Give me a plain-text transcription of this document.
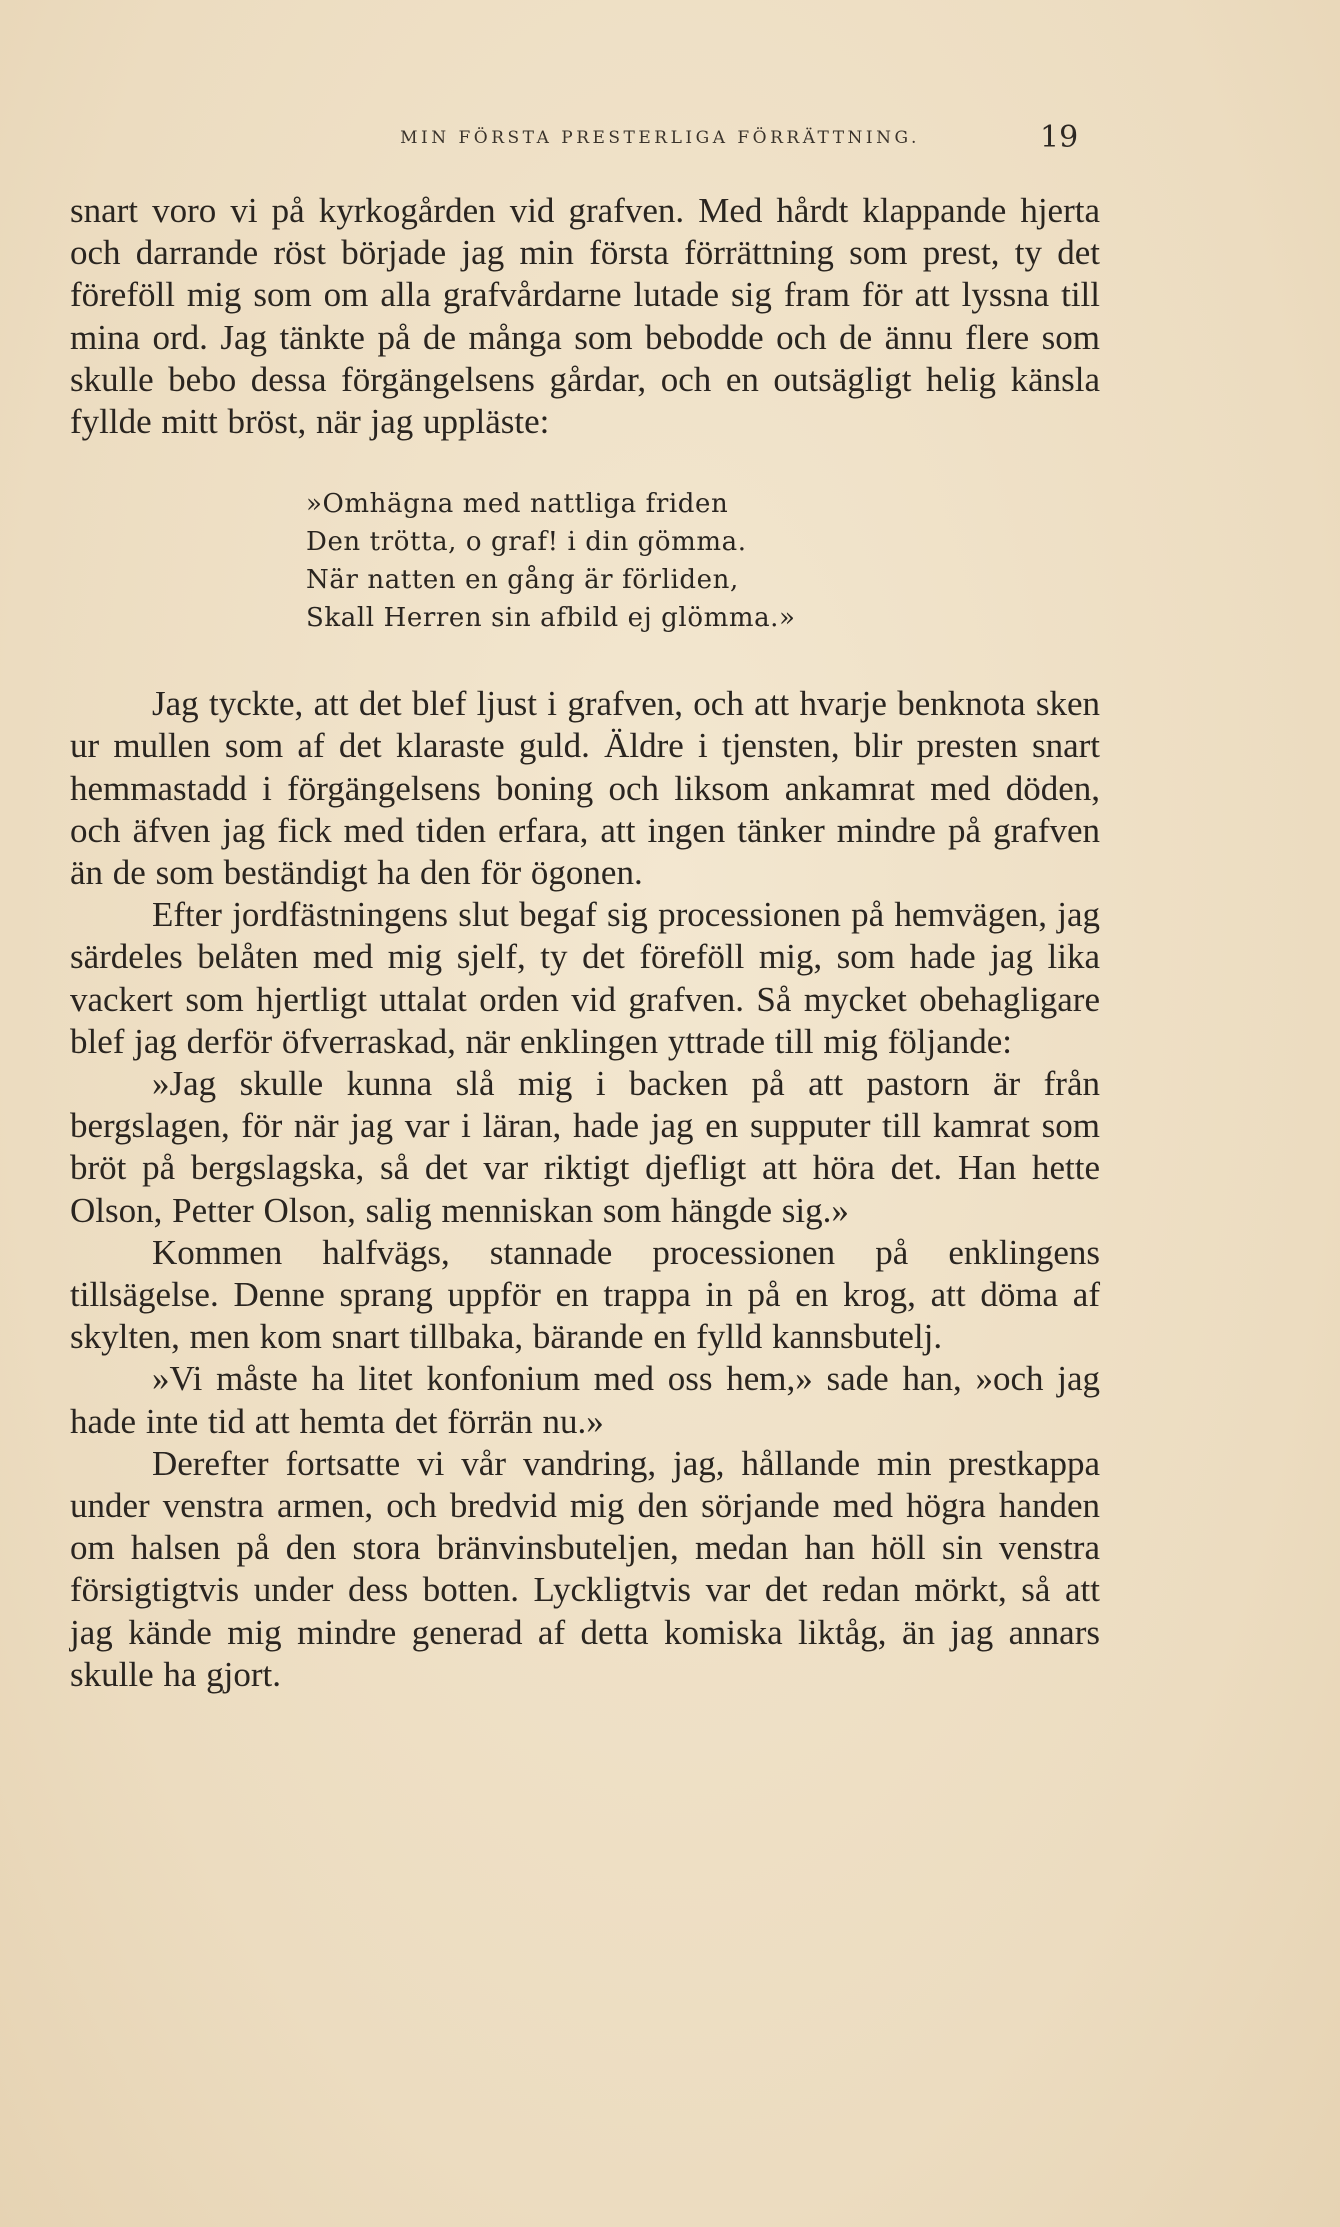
MIN FÖRSTA PRESTERLIGA FÖRRÄTTNING.	19

snart voro vi på kyrkogården vid grafven. Med hårdt klappande hjerta och darrande röst började jag min första förrättning som prest, ty det föreföll mig som om alla grafvårdarne lutade sig fram för att lyssna till mina ord. Jag tänkte på de många som bebodde och de ännu flere som skulle bebo dessa förgängelsens gårdar, och en outsägligt helig känsla fyllde mitt bröst, när jag uppläste:

»Omhägna med nattliga friden
Den trötta, o graf! i din gömma.
När natten en gång är förliden,
Skall Herren sin afbild ej glömma.»

Jag tyckte, att det blef ljust i grafven, och att hvarje benknota sken ur mullen som af det klaraste guld. Äldre i tjensten, blir presten snart hemmastadd i förgängelsens boning och liksom ankamrat med döden, och äfven jag fick med tiden erfara, att ingen tänker mindre på grafven än de som beständigt ha den för ögonen.

Efter jordfästningens slut begaf sig processionen på hemvägen, jag särdeles belåten med mig sjelf, ty det föreföll mig, som hade jag lika vackert som hjertligt uttalat orden vid grafven. Så mycket obehagligare blef jag derför öfverraskad, när enklingen yttrade till mig följande:

»Jag skulle kunna slå mig i backen på att pastorn är från bergslagen, för när jag var i läran, hade jag en supputer till kamrat som bröt på bergslagska, så det var riktigt djefligt att höra det. Han hette Olson, Petter Olson, salig menniskan som hängde sig.»

Kommen halfvägs, stannade processionen på enklingens tillsägelse. Denne sprang uppför en trappa in på en krog, att döma af skylten, men kom snart tillbaka, bärande en fylld kannsbutelj.

»Vi måste ha litet konfonium med oss hem,» sade han, »och jag hade inte tid att hemta det förrän nu.»

Derefter fortsatte vi vår vandring, jag, hållande min prestkappa under venstra armen, och bredvid mig den sörjande med högra handen om halsen på den stora bränvinsbuteljen, medan han höll sin venstra försigtigtvis under dess botten. Lyckligtvis var det redan mörkt, så att jag kände mig mindre generad af detta komiska liktåg, än jag annars skulle ha gjort.
